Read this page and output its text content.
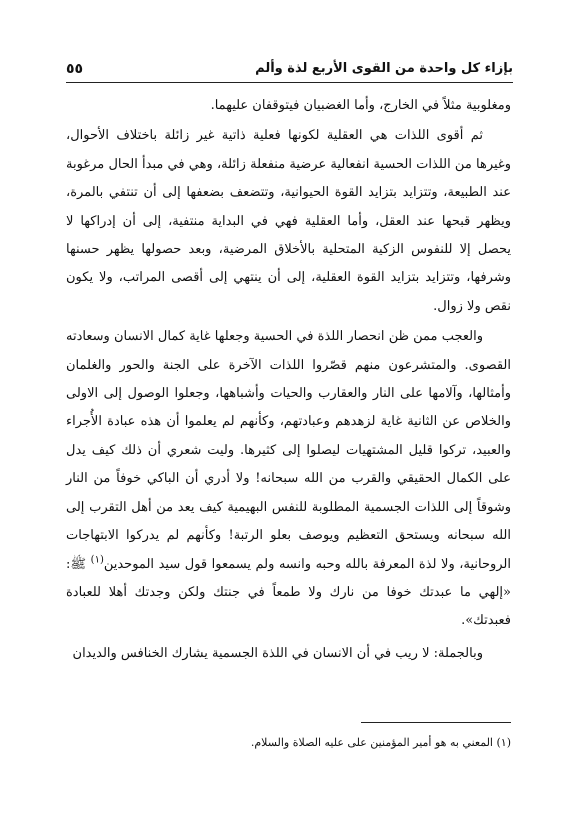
بإزاء كل واحدة من القوى الأربع لذة وألم
٥٥

ومغلوبية مثلاً في الخارج، وأما الغضبيان فيتوقفان عليهما.

ثم أقوى اللذات هي العقلية لكونها فعلية ذاتية غير زائلة باختلاف الأحوال، وغيرها من اللذات الحسية انفعالية عرضية منفعلة زائلة، وهي في مبدأ الحال مرغوبة عند الطبيعة، وتتزايد بتزايد القوة الحيوانية، وتتضعف بضعفها إلى أن تنتفي بالمرة، ويظهر قبحها عند العقل، وأما العقلية فهي في البداية منتفية، إلى أن إدراكها لا يحصل إلا للنفوس الزكية المتحلية بالأخلاق المرضية، وبعد حصولها يظهر حسنها وشرفها، وتتزايد بتزايد القوة العقلية، إلى أن ينتهي إلى أقصى المراتب، ولا يكون نقص ولا زوال.

والعجب ممن ظن انحصار اللذة في الحسية وجعلها غاية كمال الانسان وسعادته القصوى. والمتشرعون منهم قصّروا اللذات الآخرة على الجنة والحور والغلمان وأمثالها، وآلامها على النار والعقارب والحيات وأشباهها، وجعلوا الوصول إلى الاولى والخلاص عن الثانية غاية لزهدهم وعبادتهم، وكأنهم لم يعلموا أن هذه عبادة الأُجراء والعبيد، تركوا قليل المشتهيات ليصلوا إلى كثيرها. وليت شعري أن ذلك كيف يدل على الكمال الحقيقي والقرب من الله سبحانه! ولا أدري أن الباكي خوفاً من النار وشوقاً إلى اللذات الجسمية المطلوبة للنفس البهيمية كيف يعد من أهل التقرب إلى الله سبحانه ويستحق التعظيم ويوصف بعلو الرتبة! وكأنهم لم يدركوا الابتهاجات الروحانية، ولا لذة المعرفة بالله وحبه وانسه ولم يسمعوا قول سيد الموحدين$^{(١)}$ ﷺ: «إلهي ما عبدتك خوفا من نارك ولا طمعاً في جنتك ولكن وجدتك أهلا للعبادة فعبدتك».

وبالجملة: لا ريب في أن الانسان في اللذة الجسمية يشارك الخنافس والديدان

(١) المعني به هو أمير المؤمنين على عليه الصلاة والسلام.
